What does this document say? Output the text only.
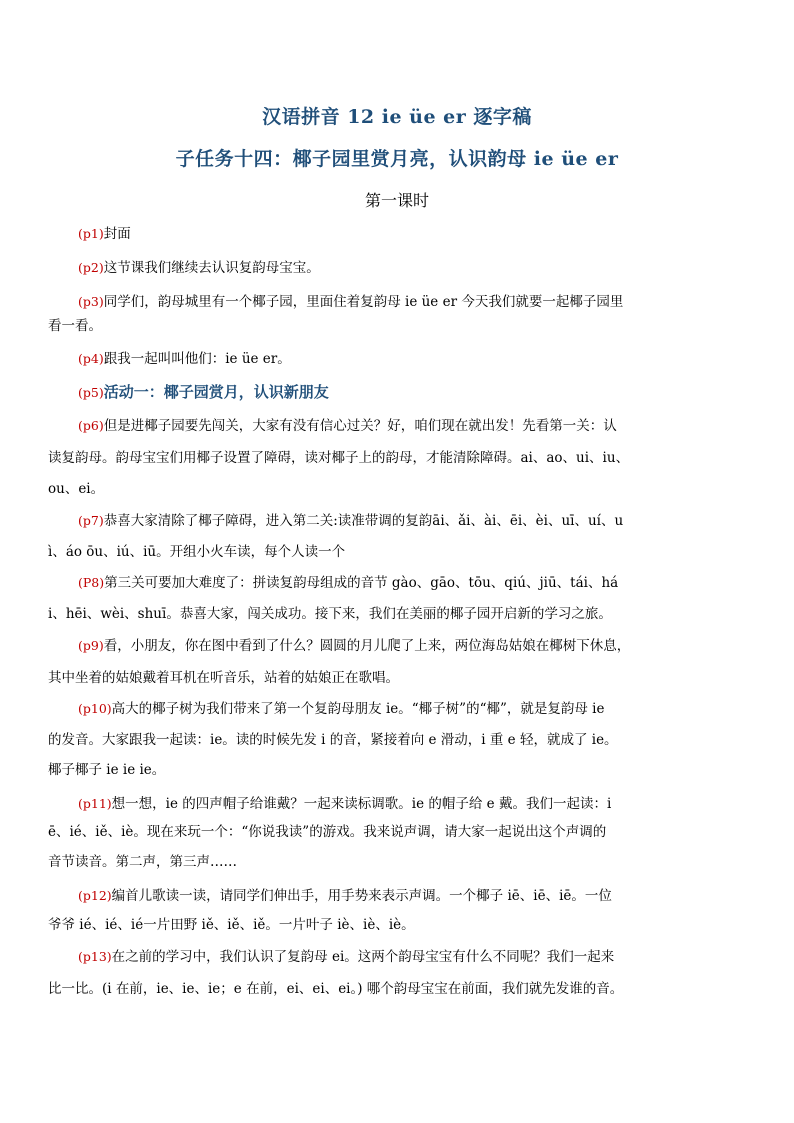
汉语拼音 12 ie üe er 逐字稿
子任务十四：椰子园里赏月亮，认识韵母 ie üe er
第一课时
(p1)封面
(p2)这节课我们继续去认识复韵母宝宝。
(p3)同学们，韵母城里有一个椰子园，里面住着复韵母 ie üe er 今天我们就要一起椰子园里
看一看。
(p4)跟我一起叫叫他们：ie üe er。
(p5)活动一：椰子园赏月，认识新朋友
(p6)但是进椰子园要先闯关，大家有没有信心过关？好，咱们现在就出发！先看第一关：认
读复韵母。韵母宝宝们用椰子设置了障碍，读对椰子上的韵母，才能清除障碍。ai、ao、ui、iu、
ou、ei。
(p7)恭喜大家清除了椰子障碍，进入第二关:读准带调的复韵āi、ǎi、ài、ēi、èi、uī、uí、u
ì、áo ōu、iú、iū。开组小火车读，每个人读一个
(P8)第三关可要加大难度了：拼读复韵母组成的音节 gào、gāo、tōu、qiú、jiū、tái、há
i、hēi、wèi、shuī。恭喜大家，闯关成功。接下来，我们在美丽的椰子园开启新的学习之旅。
(p9)看，小朋友，你在图中看到了什么？圆圆的月儿爬了上来，两位海岛姑娘在椰树下休息，
其中坐着的姑娘戴着耳机在听音乐，站着的姑娘正在歌唱。
(p10)高大的椰子树为我们带来了第一个复韵母朋友 ie。“椰子树”的“椰”，就是复韵母 ie
的发音。大家跟我一起读：ie。读的时候先发 i 的音，紧接着向 e 滑动，i 重 e 轻，就成了 ie。
椰子椰子 ie ie ie。
(p11)想一想，ie 的四声帽子给谁戴？一起来读标调歌。ie 的帽子给 e 戴。我们一起读：i
ē、ié、iě、iè。现在来玩一个：“你说我读”的游戏。我来说声调，请大家一起说出这个声调的
音节读音。第二声，第三声……
(p12)编首儿歌读一读，请同学们伸出手，用手势来表示声调。一个椰子 iē、iē、iē。一位
爷爷 ié、ié、ié一片田野 iě、iě、iě。一片叶子 iè、iè、iè。
(p13)在之前的学习中，我们认识了复韵母 ei。这两个韵母宝宝有什么不同呢？我们一起来
比一比。(i 在前，ie、ie、ie；e 在前，ei、ei、ei。) 哪个韵母宝宝在前面，我们就先发谁的音。
